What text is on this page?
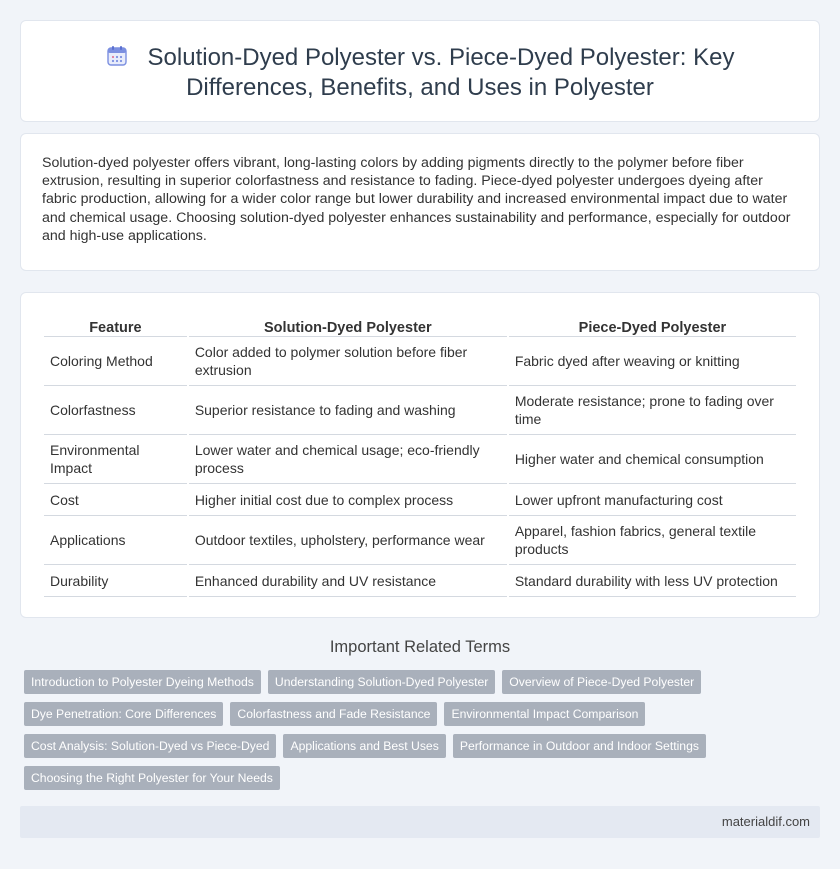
Solution-Dyed Polyester vs. Piece-Dyed Polyester: Key Differences, Benefits, and Uses in Polyester

Solution-dyed polyester offers vibrant, long-lasting colors by adding pigments directly to the polymer before fiber extrusion, resulting in superior colorfastness and resistance to fading. Piece-dyed polyester undergoes dyeing after fabric production, allowing for a wider color range but lower durability and increased environmental impact due to water and chemical usage. Choosing solution-dyed polyester enhances sustainability and performance, especially for outdoor and high-use applications.

Feature	Solution-Dyed Polyester	Piece-Dyed Polyester
Coloring Method	Color added to polymer solution before fiber extrusion	Fabric dyed after weaving or knitting
Colorfastness	Superior resistance to fading and washing	Moderate resistance; prone to fading over time
Environmental Impact	Lower water and chemical usage; eco-friendly process	Higher water and chemical consumption
Cost	Higher initial cost due to complex process	Lower upfront manufacturing cost
Applications	Outdoor textiles, upholstery, performance wear	Apparel, fashion fabrics, general textile products
Durability	Enhanced durability and UV resistance	Standard durability with less UV protection
Important Related Terms
Introduction to Polyester Dyeing Methods	Understanding Solution-Dyed Polyester	Overview of Piece-Dyed Polyester
Dye Penetration: Core Differences	Colorfastness and Fade Resistance	Environmental Impact Comparison
Cost Analysis: Solution-Dyed vs Piece-Dyed	Applications and Best Uses	Performance in Outdoor and Indoor Settings
Choosing the Right Polyester for Your Needs
materialdif.com
